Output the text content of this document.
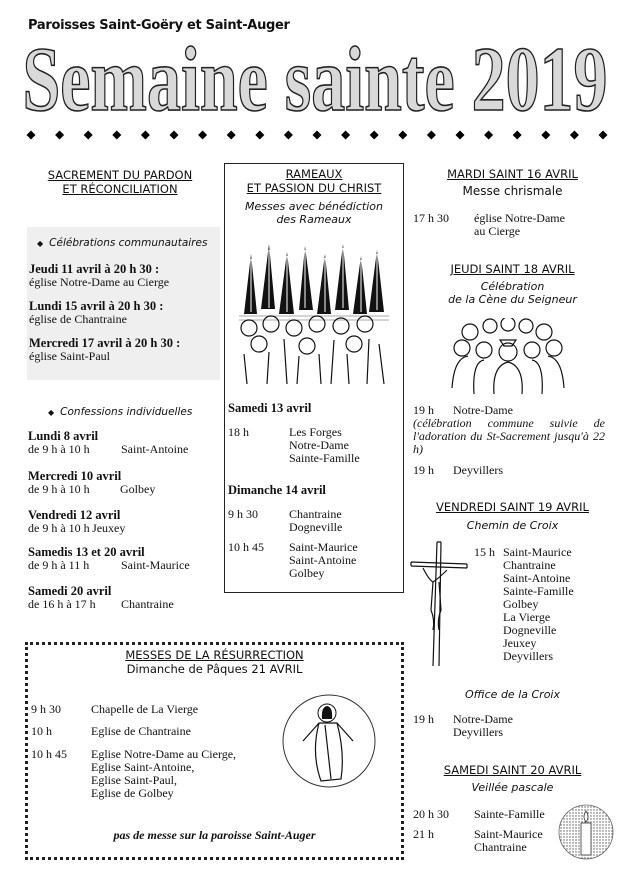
Paroisses Saint-Goëry et Saint-Auger
Semaine sainte 2019
SACREMENT DU PARDON
ET RÉCONCILIATION
◆ Célébrations communautaires
Jeudi 11 avril à 20 h 30 :
église Notre-Dame au Cierge
Lundi 15 avril à 20 h 30 :
église de Chantraine
Mercredi 17 avril à 20 h 30 :
église Saint-Paul
◆ Confessions individuelles
Lundi 8 avril
de 9 h à 10 h	Saint-Antoine
Mercredi 10 avril
de 9 h à 10 h	Golbey
Vendredi 12 avril
de 9 h à 10 h  Jeuxey
Samedis 13 et 20 avril
de 9 h à 11 h	Saint-Maurice
Samedi 20 avril
de 16 h à 17 h Chantraine
RAMEAUX
ET PASSION DU CHRIST
Messes avec bénédiction
des Rameaux
Samedi 13 avril
18 h	Les Forges
Notre-Dame
Sainte-Famille
Dimanche 14 avril
9 h 30	Chantraine
Dogneville
10 h 45 Saint-Maurice
Saint-Antoine
Golbey
MESSES DE LA RÉSURRECTION
Dimanche de Pâques 21 AVRIL
9 h 30	Chapelle de La Vierge
10 h	Eglise de Chantraine
10 h 45 Eglise Notre-Dame au Cierge,
Eglise Saint-Antoine,
Eglise Saint-Paul,
Eglise de Golbey
pas de messe sur la paroisse Saint-Auger
MARDI SAINT 16 AVRIL
Messe chrismale
17 h 30 église Notre-Dame
au Cierge
JEUDI SAINT 18 AVRIL
Célébration
de la Cène du Seigneur
19 h Notre-Dame
(célébration commune suivie de l'adoration du St-Sacrement jusqu'à 22 h)
19 h Deyvillers
VENDREDI SAINT 19 AVRIL
Chemin de Croix
15 h Saint-Maurice
Chantraine
Saint-Antoine
Sainte-Famille
Golbey
La Vierge
Dogneville
Jeuxey
Deyvillers
Office de la Croix
19 h Notre-Dame
Deyvillers
SAMEDI SAINT 20 AVRIL
Veillée pascale
20 h 30 Sainte-Famille
21 h	Saint-Maurice
Chantraine
